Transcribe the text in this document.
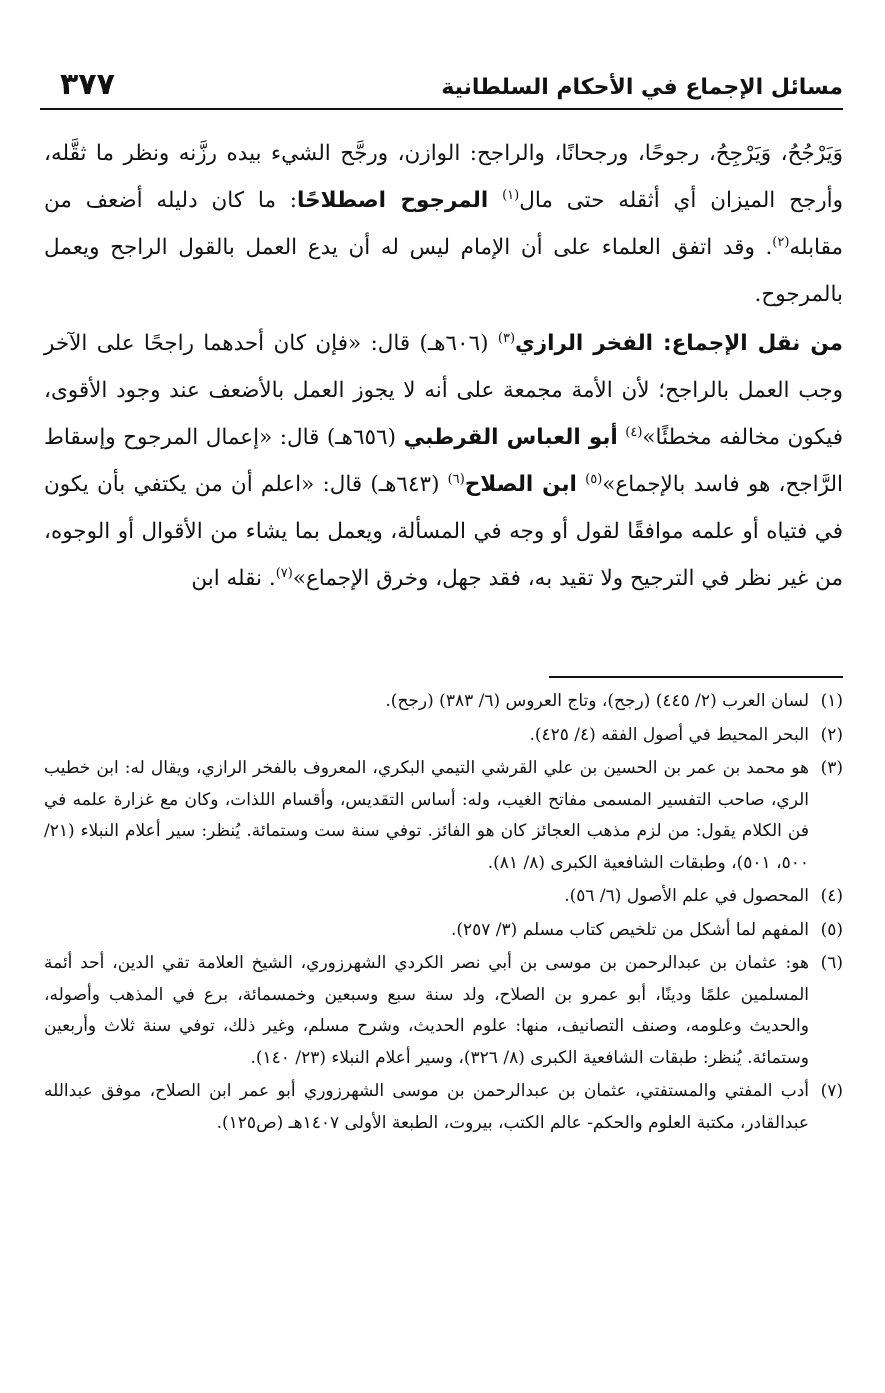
مسائل الإجماع في الأحكام السلطانية
٣٧٧

وَيَرْجُحُ، وَيَرْجِحُ، رجوحًا، ورجحانًا، والراجح: الوازن، ورجَّح الشيء بيده رزَّنه ونظر ما ثقَّله، وأرجح الميزان أي أثقله حتى مال$^{(١)}$ المرجوح اصطلاحًا: ما كان دليله أضعف من مقابله$^{(٢)}$. وقد اتفق العلماء على أن الإمام ليس له أن يدع العمل بالقول الراجح ويعمل بالمرجوح.

من نقل الإجماع: الفخر الرازي$^{(٣)}$ (٦٠٦هـ) قال: «فإن كان أحدهما راجحًا على الآخر وجب العمل بالراجح؛ لأن الأمة مجمعة على أنه لا يجوز العمل بالأضعف عند وجود الأقوى، فيكون مخالفه مخطئًا»$^{(٤)}$ أبو العباس القرطبي (٦٥٦هـ) قال: «إعمال المرجوح وإسقاط الرَّاجح، هو فاسد بالإجماع»$^{(٥)}$ ابن الصلاح$^{(٦)}$ (٦٤٣هـ) قال: «اعلم أن من يكتفي بأن يكون في فتياه أو علمه موافقًا لقول أو وجه في المسألة، ويعمل بما يشاء من الأقوال أو الوجوه، من غير نظر في الترجيح ولا تقيد به، فقد جهل، وخرق الإجماع»$^{(٧)}$. نقله ابن

(١)
لسان العرب (٢/ ٤٤٥) (رجح)، وتاج العروس (٦/ ٣٨٣) (رجح).
(٢)
البحر المحيط في أصول الفقه (٤/ ٤٢٥).
(٣)
هو محمد بن عمر بن الحسين بن علي القرشي التيمي البكري، المعروف بالفخر الرازي، ويقال له: ابن خطيب الري، صاحب التفسير المسمى مفاتح الغيب، وله: أساس التقديس، وأقسام اللذات، وكان مع غزارة علمه في فن الكلام يقول: من لزم مذهب العجائز كان هو الفائز. توفي سنة ست وستمائة. يُنظر: سير أعلام النبلاء (٢١/ ٥٠٠، ٥٠١)، وطبقات الشافعية الكبرى (٨/ ٨١).
(٤)
المحصول في علم الأصول (٦/ ٥٦).
(٥)
المفهم لما أشكل من تلخيص كتاب مسلم (٣/ ٢٥٧).
(٦)
هو: عثمان بن عبدالرحمن بن موسى بن أبي نصر الكردي الشهرزوري، الشيخ العلامة تقي الدين، أحد أئمة المسلمين علمًا ودينًا، أبو عمرو بن الصلاح، ولد سنة سبع وسبعين وخمسمائة، برع في المذهب وأصوله، والحديث وعلومه، وصنف التصانيف، منها: علوم الحديث، وشرح مسلم، وغير ذلك، توفي سنة ثلاث وأربعين وستمائة. يُنظر: طبقات الشافعية الكبرى (٨/ ٣٢٦)، وسير أعلام النبلاء (٢٣/ ١٤٠).
(٧)
أدب المفتي والمستفتي، عثمان بن عبدالرحمن بن موسى الشهرزوري أبو عمر ابن الصلاح، موفق عبدالله عبدالقادر، مكتبة العلوم والحكم- عالم الكتب، بيروت، الطبعة الأولى ١٤٠٧هـ (ص١٢٥).
